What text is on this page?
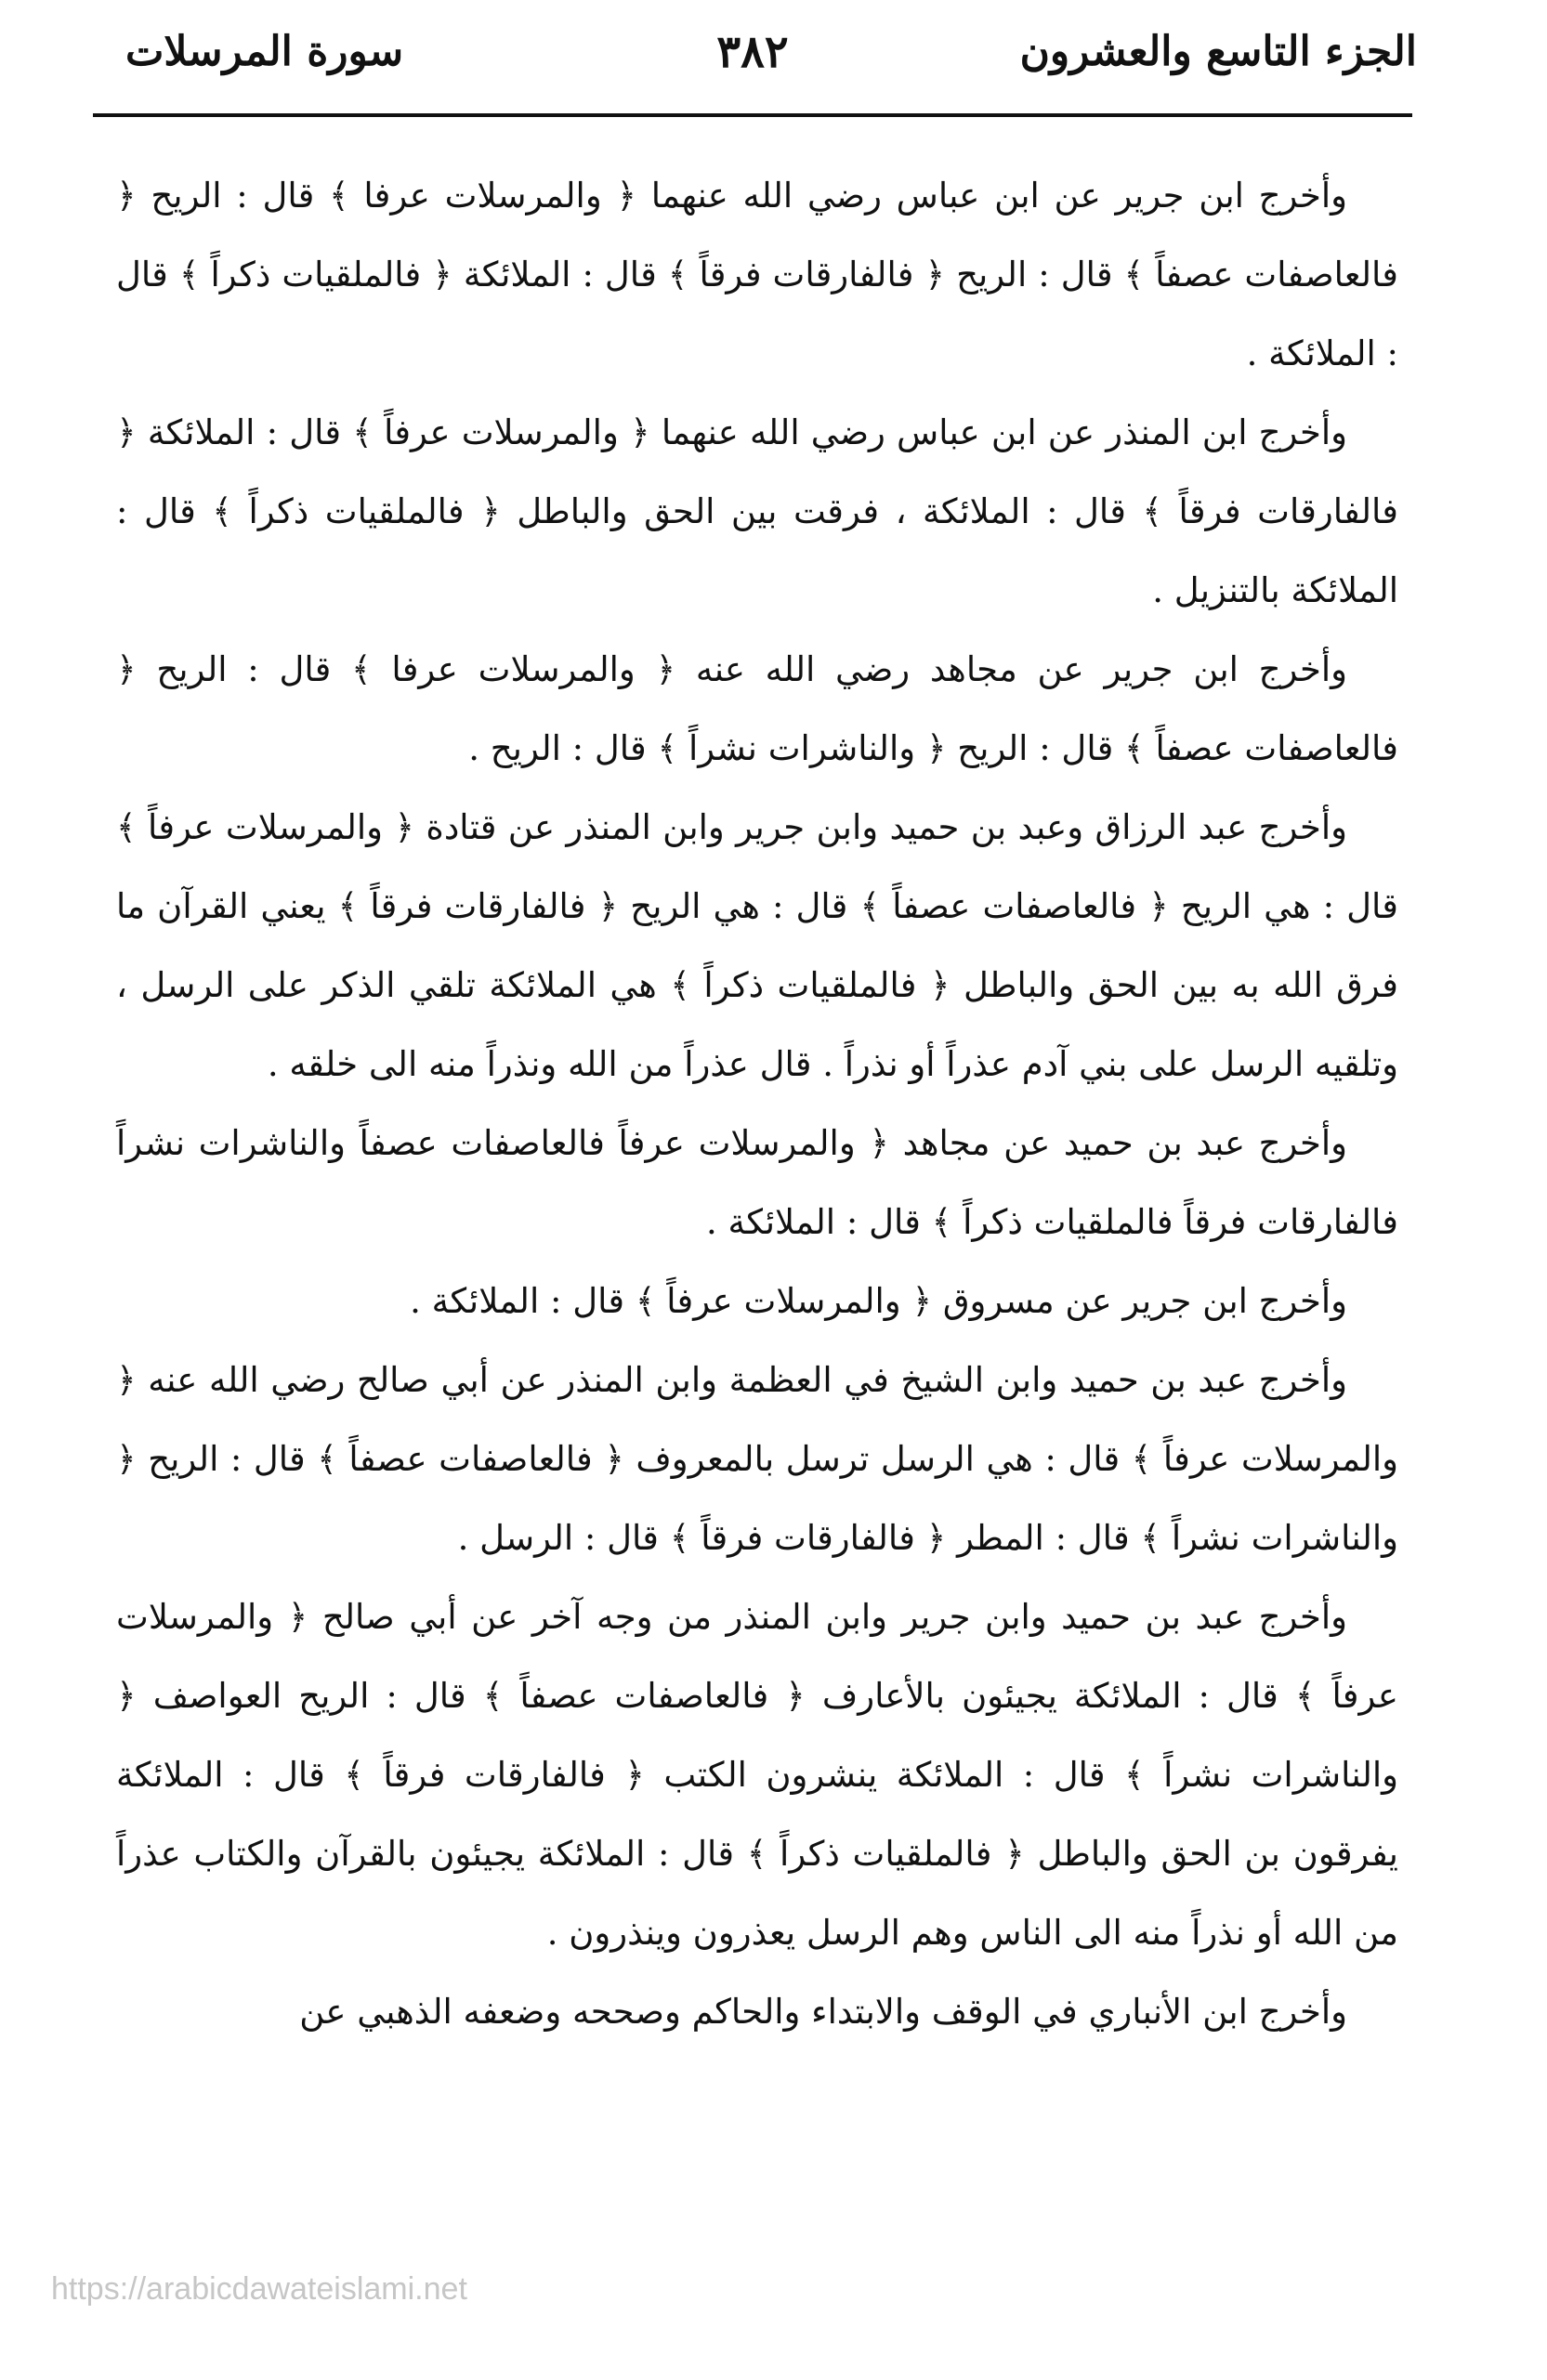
الجزء التاسع والعشرون
٣٨٢
سورة المرسلات

وأخرج ابن جرير عن ابن عباس رضي الله عنهما ﴿ والمرسلات عرفا ﴾ قال : الريح ﴿ فالعاصفات عصفاً ﴾ قال : الريح ﴿ فالفارقات فرقاً ﴾ قال : الملائكة ﴿ فالملقيات ذكراً ﴾ قال : الملائكة .

وأخرج ابن المنذر عن ابن عباس رضي الله عنهما ﴿ والمرسلات عرفاً ﴾ قال : الملائكة ﴿ فالفارقات فرقاً ﴾ قال : الملائكة ، فرقت بين الحق والباطل ﴿ فالملقيات ذكراً ﴾ قال : الملائكة بالتنزيل .

وأخرج ابن جرير عن مجاهد رضي الله عنه ﴿ والمرسلات عرفا ﴾ قال : الريح ﴿ فالعاصفات عصفاً ﴾ قال : الريح ﴿ والناشرات نشراً ﴾ قال : الريح .

وأخرج عبد الرزاق وعبد بن حميد وابن جرير وابن المنذر عن قتادة ﴿ والمرسلات عرفاً ﴾ قال : هي الريح ﴿ فالعاصفات عصفاً ﴾ قال : هي الريح ﴿ فالفارقات فرقاً ﴾ يعني القرآن ما فرق الله به بين الحق والباطل ﴿ فالملقيات ذكراً ﴾ هي الملائكة تلقي الذكر على الرسل ، وتلقيه الرسل على بني آدم عذراً أو نذراً . قال عذراً من الله ونذراً منه الى خلقه .

وأخرج عبد بن حميد عن مجاهد ﴿ والمرسلات عرفاً فالعاصفات عصفاً والناشرات نشراً فالفارقات فرقاً فالملقيات ذكراً ﴾ قال : الملائكة .

وأخرج ابن جرير عن مسروق ﴿ والمرسلات عرفاً ﴾ قال : الملائكة .

وأخرج عبد بن حميد وابن الشيخ في العظمة وابن المنذر عن أبي صالح رضي الله عنه ﴿ والمرسلات عرفاً ﴾ قال : هي الرسل ترسل بالمعروف ﴿ فالعاصفات عصفاً ﴾ قال : الريح ﴿ والناشرات نشراً ﴾ قال : المطر ﴿ فالفارقات فرقاً ﴾ قال : الرسل .

وأخرج عبد بن حميد وابن جرير وابن المنذر من وجه آخر عن أبي صالح ﴿ والمرسلات عرفاً ﴾ قال : الملائكة يجيئون بالأعارف ﴿ فالعاصفات عصفاً ﴾ قال : الريح العواصف ﴿ والناشرات نشراً ﴾ قال : الملائكة ينشرون الكتب ﴿ فالفارقات فرقاً ﴾ قال : الملائكة يفرقون بن الحق والباطل ﴿ فالملقيات ذكراً ﴾ قال : الملائكة يجيئون بالقرآن والكتاب عذراً من الله أو نذراً منه الى الناس وهم الرسل يعذرون وينذرون .

وأخرج ابن الأنباري في الوقف والابتداء والحاكم وصححه وضعفه الذهبي عن

https://arabicdawateislami.net
